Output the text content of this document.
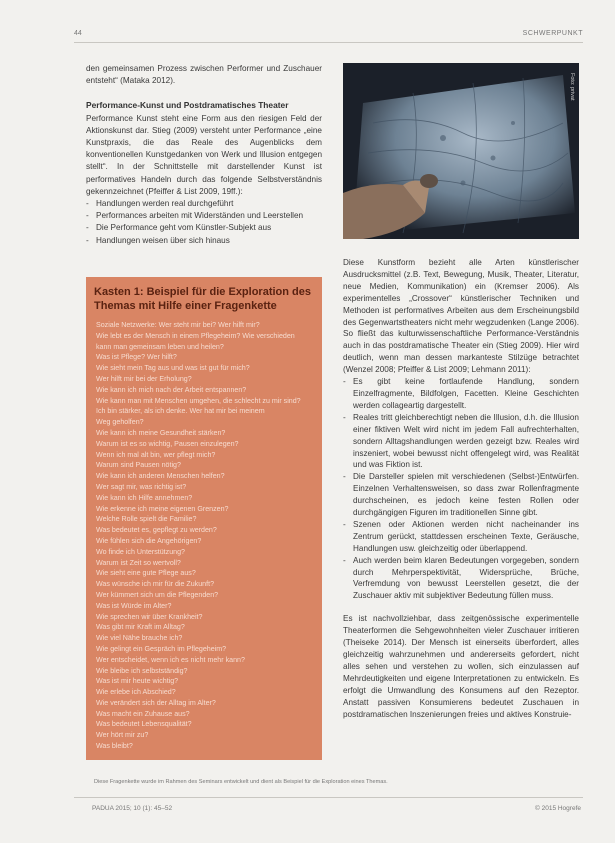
44	SCHWERPUNKT

den gemeinsamen Prozess zwischen Performer und Zuschauer entsteht“ (Mataka 2012).

Performance-Kunst und Postdramatisches Theater

Performance Kunst steht eine Form aus den riesigen Feld der Aktionskunst dar. Stieg (2009) versteht unter Performance „eine Kunstpraxis, die das Reale des Augenblicks dem konventionellen Kunstgedanken von Werk und Illusion entgegen stellt“. In der Schnittstelle mit darstellender Kunst ist performatives Handeln durch das folgende Selbstverständnis gekennzeichnet (Pfeiffer & List 2009, 19ff.):

- Handlungen werden real durchgeführt
- Performances arbeiten mit Widerständen und Leerstellen
- Die Performance geht vom Künstler-Subjekt aus
- Handlungen weisen über sich hinaus
Foto: privat

Diese Kunstform bezieht alle Arten künstlerischer Ausdrucksmittel (z.B. Text, Bewegung, Musik, Theater, Literatur, neue Medien, Kommunikation) ein (Kremser 2006). Als experimentelles „Crossover“ künstlerischer Techniken und Methoden ist performatives Arbeiten aus dem Erscheinungsbild des Gegenwartstheaters nicht mehr wegzudenken (Lange 2006). So fließt das kulturwissenschaftliche Performance-Verständnis auch in das postdramatische Theater ein (Stieg 2009). Hier wird deutlich, wenn man dessen markanteste Stilzüge betrachtet (Wenzel 2008; Pfeiffer & List 2009; Lehmann 2011):

- Es gibt keine fortlaufende Handlung, sondern Einzelfragmente, Bildfolgen, Facetten. Kleine Geschichten werden collageartig dargestellt.
- Reales tritt gleichberechtigt neben die Illusion, d.h. die Illusion einer fiktiven Welt wird nicht im jedem Fall aufrechterhalten, sondern Alltagshandlungen werden gezeigt bzw. Reales wird inszeniert, wobei bewusst nicht offengelegt wird, was Realität und was Fiktion ist.
- Die Darsteller spielen mit verschiedenen (Selbst-)Entwürfen. Einzelnen Verhaltensweisen, so dass zwar Rollenfragmente durchscheinen, es jedoch keine festen Rollen oder durchgängigen Figuren im traditionellen Sinne gibt.
- Szenen oder Aktionen werden nicht nacheinander ins Zentrum gerückt, stattdessen erscheinen Texte, Geräusche, Handlungen usw. gleichzeitig oder überlappend.
- Auch werden beim klaren Bedeutungen vorgegeben, sondern durch Mehrperspektivität, Widersprüche, Brüche, Verfremdung von bewusst Leerstellen gesetzt, die der Zuschauer aktiv mit subjektiver Bedeutung füllen muss.

Es ist nachvollziehbar, dass zeitgenössische experimentelle Theaterformen die Sehgewohnheiten vieler Zuschauer irritieren (Theiseke 2014). Der Mensch ist einerseits überfordert, alles gleichzeitig wahrzunehmen und andererseits gefordert, nicht alles sehen und verstehen zu wollen, sich einzulassen auf Mehrdeutigkeiten und eigene Interpretationen zu entwickeln. Es erfolgt die Umwandlung des Konsumens auf den Rezeptor. Anstatt passiven Konsumierens bedeutet Zuschauen in postdramatischen Inszenierungen freies und aktives Konstruie-

Kasten 1: Beispiel für die Exploration des Themas mit Hilfe einer Fragenkette
Soziale Netzwerke: Wer steht mir bei? Wer hilft mir?
Wie lebt es der Mensch in einem Pflegeheim? Wie verschieden
kann man gemeinsam leben und heilen?
Was ist Pflege? Wer hilft?
Wie sieht mein Tag aus und was ist gut für mich?
Wer hilft mir bei der Erholung?
Wie kann ich mich nach der Arbeit entspannen?
Wie kann man mit Menschen umgehen, die schlecht zu mir sind?
Ich bin stärker, als ich denke. Wer hat mir bei meinem
Weg geholfen?
Wie kann ich meine Gesundheit stärken?
Warum ist es so wichtig, Pausen einzulegen?
Wenn ich mal alt bin, wer pflegt mich?
Warum sind Pausen nötig?
Wie kann ich anderen Menschen helfen?
Wer sagt mir, was richtig ist?
Wie kann ich Hilfe annehmen?
Wie erkenne ich meine eigenen Grenzen?
Welche Rolle spielt die Familie?
Was bedeutet es, gepflegt zu werden?
Wie fühlen sich die Angehörigen?
Wo finde ich Unterstützung?
Warum ist Zeit so wertvoll?
Wie sieht eine gute Pflege aus?
Was wünsche ich mir für die Zukunft?
Wer kümmert sich um die Pflegenden?
Was ist Würde im Alter?
Wie sprechen wir über Krankheit?
Was gibt mir Kraft im Alltag?
Wie viel Nähe brauche ich?
Wie gelingt ein Gespräch im Pflegeheim?
Wer entscheidet, wenn ich es nicht mehr kann?
Wie bleibe ich selbstständig?
Was ist mir heute wichtig?
Wie erlebe ich Abschied?
Wie verändert sich der Alltag im Alter?
Was macht ein Zuhause aus?
Was bedeutet Lebensqualität?
Wer hört mir zu?
Was bleibt?
Diese Fragenkette wurde im Rahmen des Seminars entwickelt und dient als Beispiel für die Exploration eines Themas.
PADUA 2015; 10 (1): 45–52	© 2015 Hogrefe
